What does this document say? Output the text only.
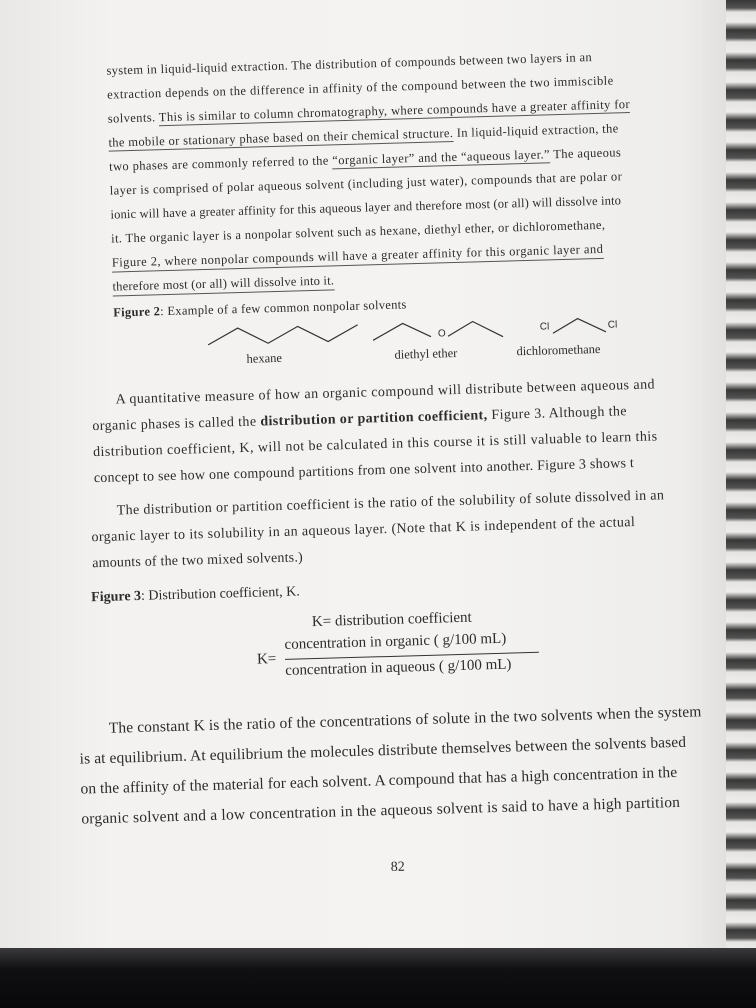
system in liquid-liquid extraction. The distribution of compounds between two layers in an
extraction depends on the difference in affinity of the compound between the two immiscible
solvents. This is similar to column chromatography, where compounds have a greater affinity for
the mobile or stationary phase based on their chemical structure. In liquid-liquid extraction, the
two phases are commonly referred to the “organic layer” and the “aqueous layer.” The aqueous
layer is comprised of polar aqueous solvent (including just water), compounds that are polar or
ionic will have a greater affinity for this aqueous layer and therefore most (or all) will dissolve into
it. The organic layer is a nonpolar solvent such as hexane, diethyl ether, or dichloromethane,
Figure 2, where nonpolar compounds will have a greater affinity for this organic layer and
therefore most (or all) will dissolve into it.
Figure 2: Example of a few common nonpolar solvents
O
Cl	Cl
hexane	diethyl ether	dichloromethane
A quantitative measure of how an organic compound will distribute between aqueous and
organic phases is called the distribution or partition coefficient, Figure 3. Although the
distribution coefficient, K, will not be calculated in this course it is still valuable to learn this
concept to see how one compound partitions from one solvent into another. Figure 3 shows t
The distribution or partition coefficient is the ratio of the solubility of solute dissolved in an
organic layer to its solubility in an aqueous layer. (Note that K is independent of the actual
amounts of the two mixed solvents.)
Figure 3: Distribution coefficient, K.
K= distribution coefficient
K=
concentration in organic ( g/100 mL)
concentration in aqueous ( g/100 mL)
The constant K is the ratio of the concentrations of solute in the two solvents when the system
is at equilibrium. At equilibrium the molecules distribute themselves between the solvents based
on the affinity of the material for each solvent. A compound that has a high concentration in the
organic solvent and a low concentration in the aqueous solvent is said to have a high partition
82
